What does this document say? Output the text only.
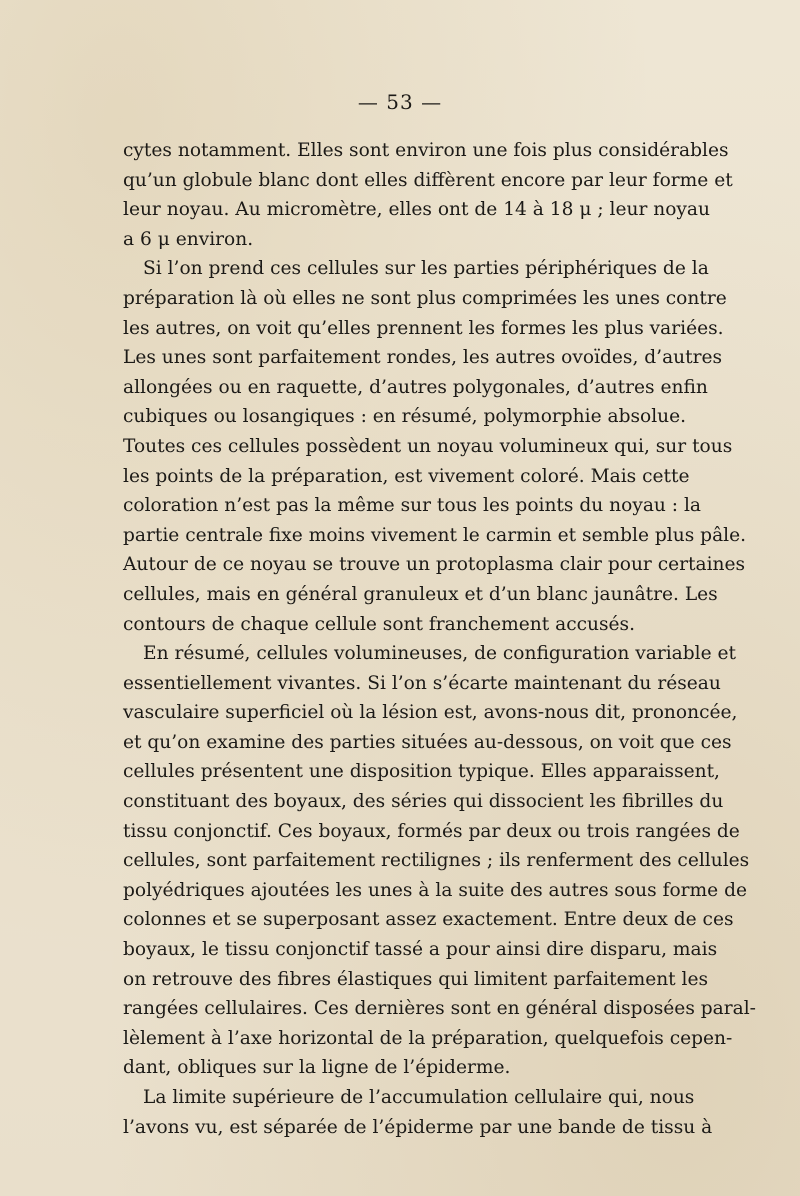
— 53 —
cytes notamment. Elles sont environ une fois plus considérables
qu’un globule blanc dont elles diffèrent encore par leur forme et
leur noyau. Au micromètre, elles ont de 14 à 18 μ ; leur noyau
a 6 μ environ.
Si l’on prend ces cellules sur les parties périphériques de la
préparation là où elles ne sont plus comprimées les unes contre
les autres, on voit qu’elles prennent les formes les plus variées.
Les unes sont parfaitement rondes, les autres ovoïdes, d’autres
allongées ou en raquette, d’autres polygonales, d’autres enfin
cubiques ou losangiques : en résumé, polymorphie absolue.
Toutes ces cellules possèdent un noyau volumineux qui, sur tous
les points de la préparation, est vivement coloré. Mais cette
coloration n’est pas la même sur tous les points du noyau : la
partie centrale fixe moins vivement le carmin et semble plus pâle.
Autour de ce noyau se trouve un protoplasma clair pour certaines
cellules, mais en général granuleux et d’un blanc jaunâtre. Les
contours de chaque cellule sont franchement accusés.
En résumé, cellules volumineuses, de configuration variable et
essentiellement vivantes. Si l’on s’écarte maintenant du réseau
vasculaire superficiel où la lésion est, avons-nous dit, prononcée,
et qu’on examine des parties situées au-dessous, on voit que ces
cellules présentent une disposition typique. Elles apparaissent,
constituant des boyaux, des séries qui dissocient les fibrilles du
tissu conjonctif. Ces boyaux, formés par deux ou trois rangées de
cellules, sont parfaitement rectilignes ; ils renferment des cellules
polyédriques ajoutées les unes à la suite des autres sous forme de
colonnes et se superposant assez exactement. Entre deux de ces
boyaux, le tissu conjonctif tassé a pour ainsi dire disparu, mais
on retrouve des fibres élastiques qui limitent parfaitement les
rangées cellulaires. Ces dernières sont en général disposées paral-
lèlement à l’axe horizontal de la préparation, quelquefois cepen-
dant, obliques sur la ligne de l’épiderme.
La limite supérieure de l’accumulation cellulaire qui, nous
l’avons vu, est séparée de l’épiderme par une bande de tissu à
